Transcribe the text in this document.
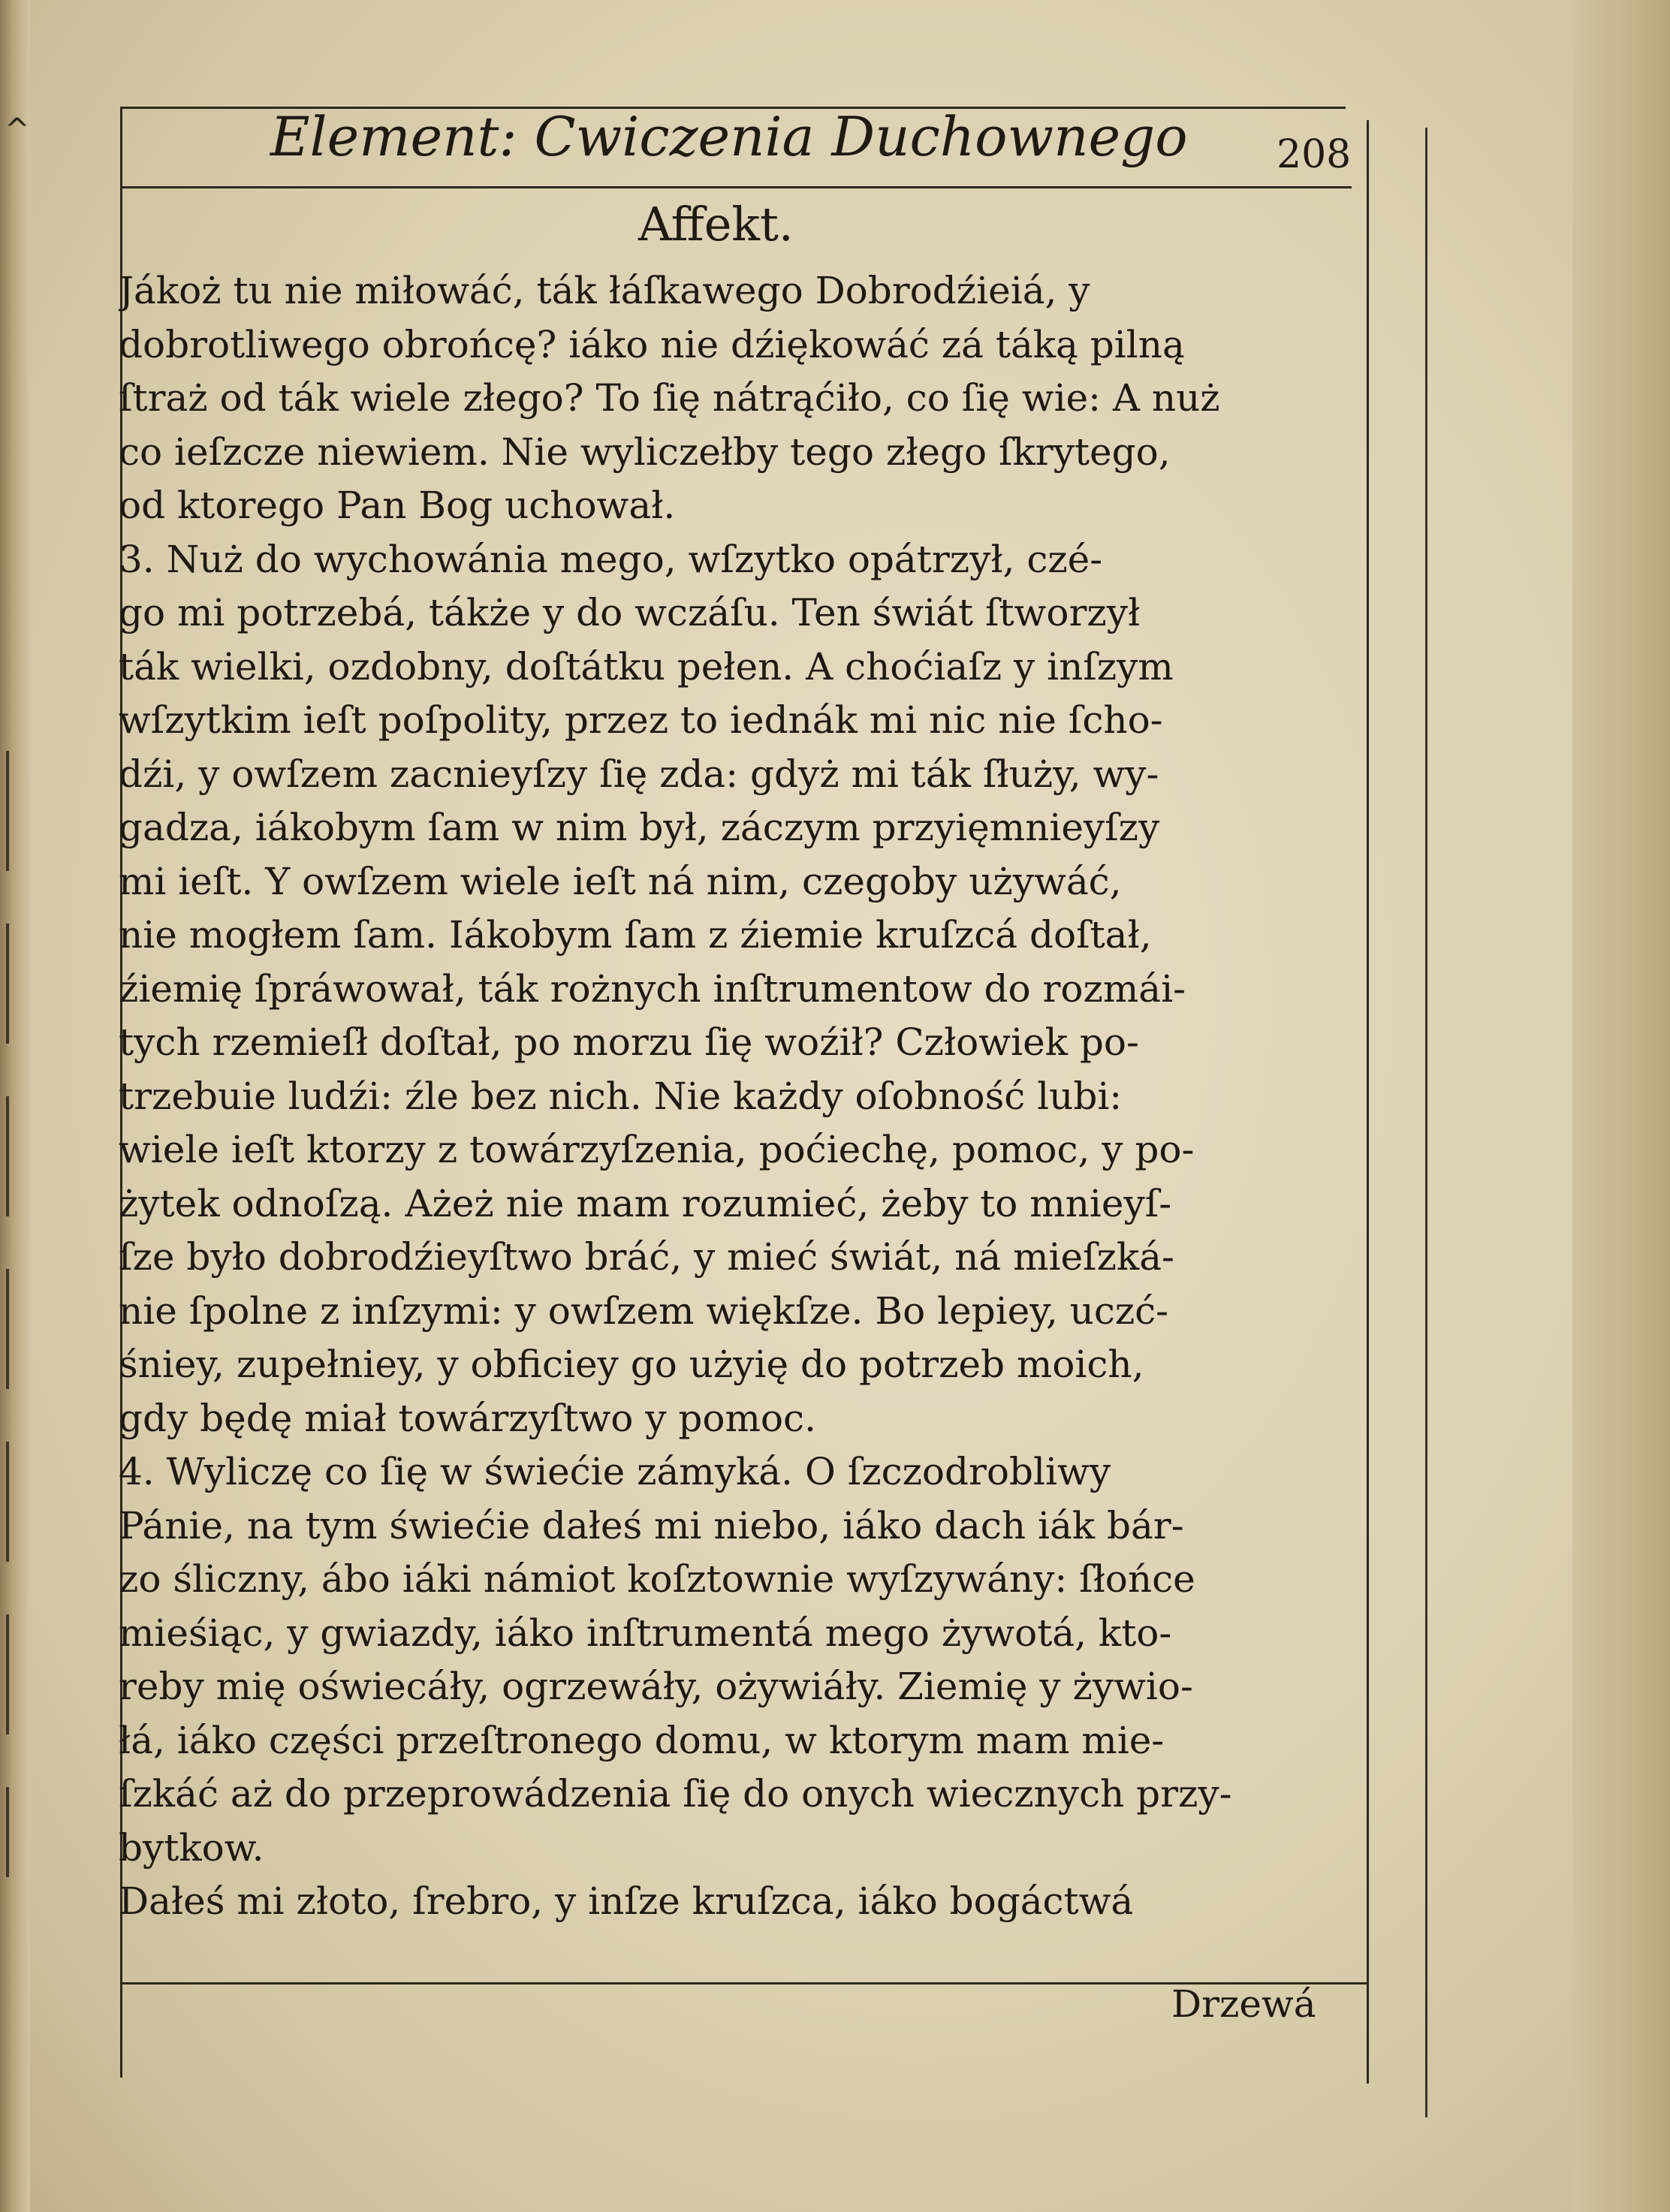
^	Element: Cwiczenia Duchownego 208
Affekt.
Jákoż tu nie miłowáć, ták łáſkawego Dobrodźieiá, y
dobrotliwego obrońcę? iáko nie dźiękowáć zá táką pilną
ſtraż od ták wiele złego? To ſię nátrąćiło, co ſię wie: A nuż
co ieſzcze niewiem. Nie wyliczełby tego złego ſkrytego,
od ktorego Pan Bog uchował.
3. Nuż do wychowánia mego, wſzytko opátrzył, czé-
go mi potrzebá, tákże y do wczáſu. Ten świát ſtworzył
ták wielki, ozdobny, doſtátku pełen. A choćiaſz y inſzym
wſzytkim ieſt poſpolity, przez to iednák mi nic nie ſcho-
dźi, y owſzem zacnieyſzy ſię zda: gdyż mi ták ſłuży, wy-
gadza, iákobym ſam w nim był, záczym przyięmnieyſzy
mi ieſt. Y owſzem wiele ieſt ná nim, czegoby używáć,
nie mogłem ſam. Iákobym ſam z źiemie kruſzcá doſtał,
źiemię ſpráwował, ták rożnych inſtrumentow do rozmái-
tych rzemieſł doſtał, po morzu ſię woźił? Człowiek po-
trzebuie ludźi: źle bez nich. Nie każdy oſobność lubi:
wiele ieſt ktorzy z towárzyſzenia, poćiechę, pomoc, y po-
żytek odnoſzą. Ażeż nie mam rozumieć, żeby to mnieyſ-
ſze było dobrodźieyſtwo bráć, y mieć świát, ná mieſzká-
nie ſpolne z inſzymi: y owſzem więkſze. Bo lepiey, uczć-
śniey, zupełniey, y obficiey go użyię do potrzeb moich,
gdy będę miał towárzyſtwo y pomoc.
4. Wyliczę co ſię w świećie zámyká. O ſzczodrobliwy
Pánie, na tym świećie dałeś mi niebo, iáko dach iák bár-
zo śliczny, ábo iáki námiot koſztownie wyſzywány: ſłońce
mieśiąc, y gwiazdy, iáko inſtrumentá mego żywotá, kto-
reby mię oświecáły, ogrzewáły, ożywiáły. Ziemię y żywio-
łá, iáko części przeſtronego domu, w ktorym mam mie-
ſzkáć aż do przeprowádzenia ſię do onych wiecznych przy-
bytkow.
Dałeś mi złoto, ſrebro, y inſze kruſzca, iáko bogáctwá
Drzewá
